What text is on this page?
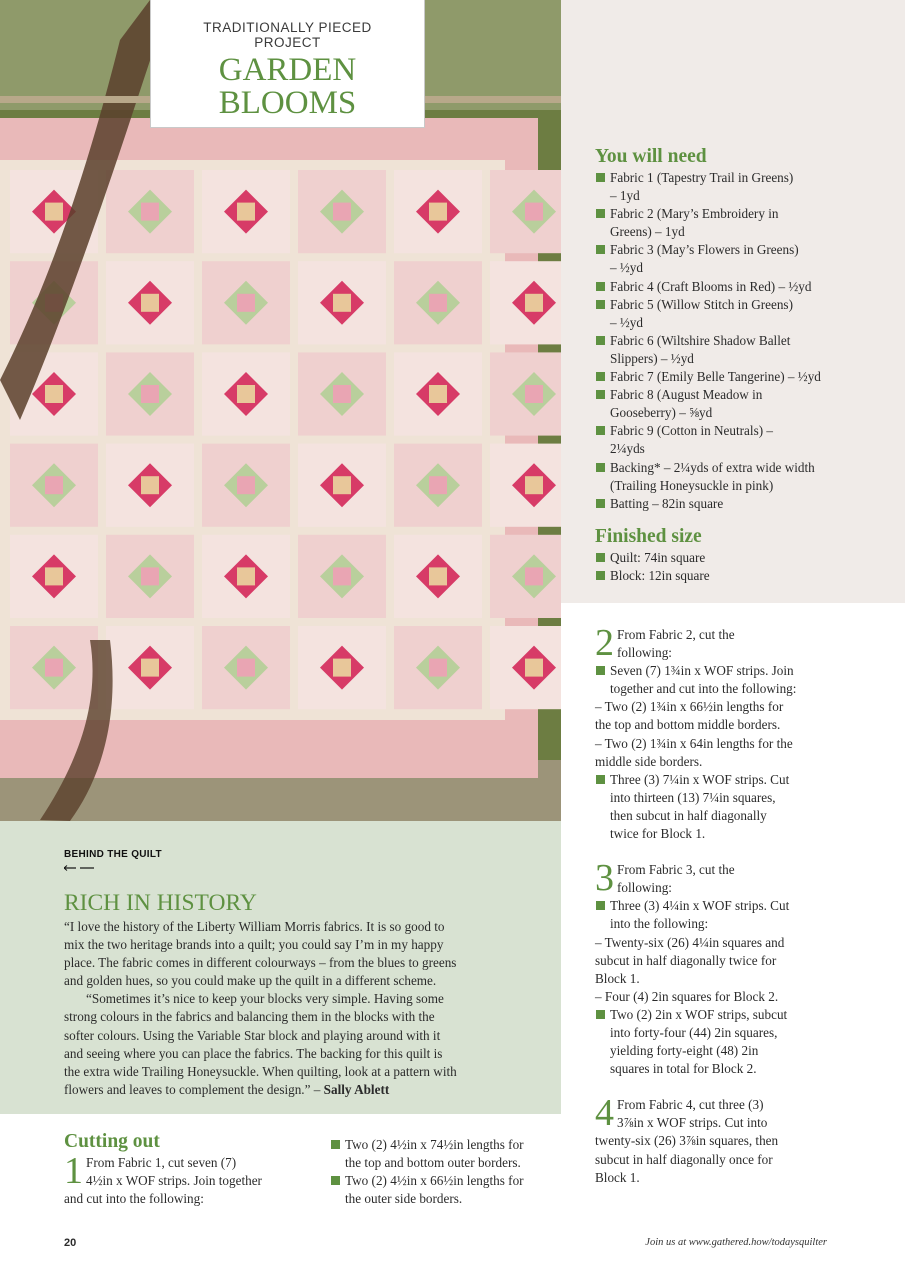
TRADITIONALLY PIECED
PROJECT
GARDEN
BLOOMS
You will need
Fabric 1 (Tapestry Trail in Greens)
– 1yd
Fabric 2 (Mary’s Embroidery in
Greens) – 1yd
Fabric 3 (May’s Flowers in Greens)
– ½yd
Fabric 4 (Craft Blooms in Red) – ½yd
Fabric 5 (Willow Stitch in Greens)
– ½yd
Fabric 6 (Wiltshire Shadow Ballet
Slippers) – ½yd
Fabric 7 (Emily Belle Tangerine) – ½yd
Fabric 8 (August Meadow in
Gooseberry) – ⅝yd
Fabric 9 (Cotton in Neutrals) –
2¼yds
Backing* – 2¼yds of extra wide width
(Trailing Honeysuckle in pink)
Batting – 82in square
Finished size
Quilt: 74in square
Block: 12in square
BEHIND THE QUILT
RICH IN HISTORY

“I love the history of the Liberty William Morris fabrics. It is so good to
mix the two heritage brands into a quilt; you could say I’m in my happy
place. The fabric comes in different colourways – from the blues to greens
and golden hues, so you could make up the quilt in a different scheme.

“Sometimes it’s nice to keep your blocks very simple. Having some
strong colours in the fabrics and balancing them in the blocks with the
softer colours. Using the Variable Star block and playing around with it
and seeing where you can place the fabrics. The backing for this quilt is
the extra wide Trailing Honeysuckle. When quilting, look at a pattern with
flowers and leaves to complement the design.” – Sally Ablett

Cutting out
1 From Fabric 1, cut seven (7)
4½in x WOF strips. Join together
and cut into the following:
Two (2) 4½in x 74½in lengths for
the top and bottom outer borders.
Two (2) 4½in x 66½in lengths for
the outer side borders.
2 From Fabric 2, cut the
following:
Seven (7) 1¾in x WOF strips. Join
together and cut into the following:
– Two (2) 1¾in x 66½in lengths for
the top and bottom middle borders.
– Two (2) 1¾in x 64in lengths for the
middle side borders.
Three (3) 7¼in x WOF strips. Cut
into thirteen (13) 7¼in squares,
then subcut in half diagonally
twice for Block 1.
3 From Fabric 3, cut the
following:
Three (3) 4¼in x WOF strips. Cut
into the following:
– Twenty-six (26) 4¼in squares and
subcut in half diagonally twice for
Block 1.
– Four (4) 2in squares for Block 2.
Two (2) 2in x WOF strips, subcut
into forty-four (44) 2in squares,
yielding forty-eight (48) 2in
squares in total for Block 2.
4 From Fabric 4, cut three (3)
3⅞in x WOF strips. Cut into
twenty-six (26) 3⅞in squares, then
subcut in half diagonally once for
Block 1.
20	Join us at www.gathered.how/todaysquilter
